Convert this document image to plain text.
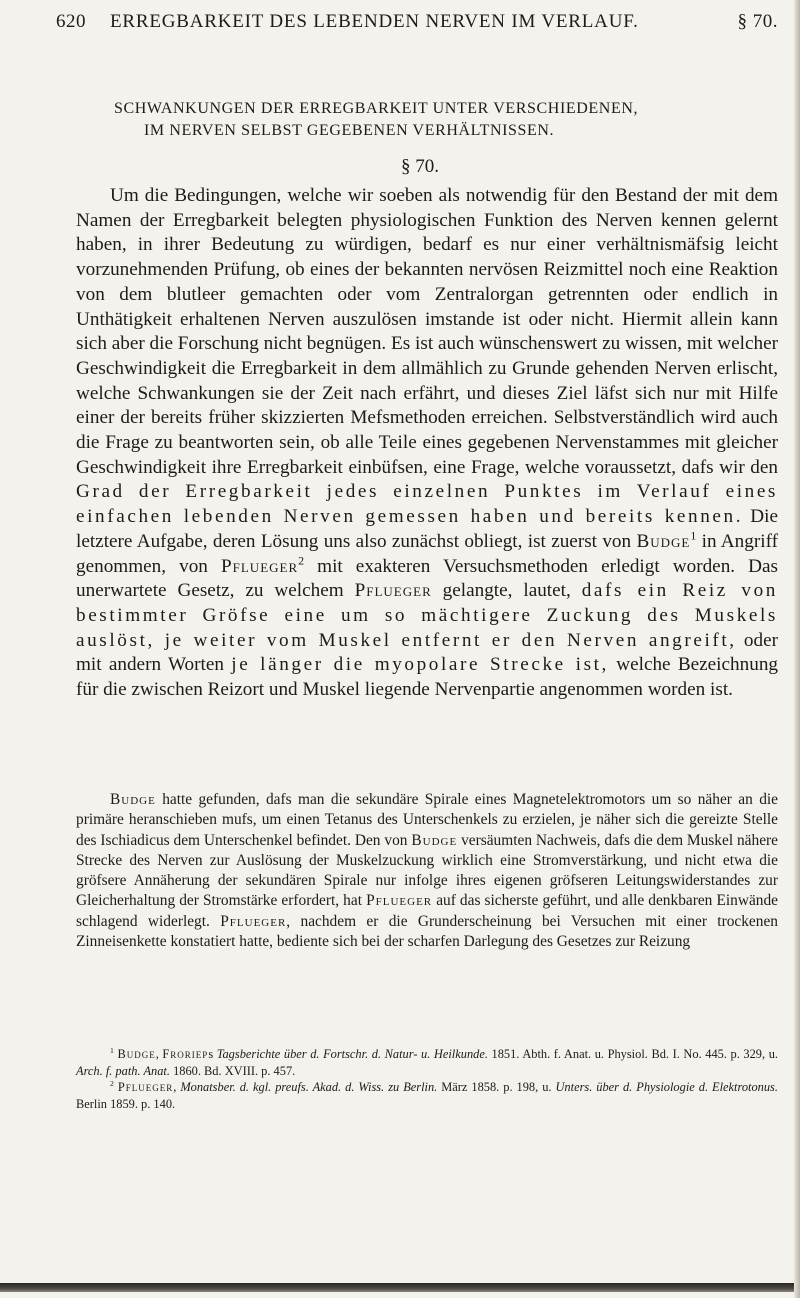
620	ERREGBARKEIT DES LEBENDEN NERVEN IM VERLAUF.	§ 70.
SCHWANKUNGEN DER ERREGBARKEIT UNTER VERSCHIEDENEN,
IM NERVEN SELBST GEGEBENEN VERHÄLTNISSEN.
§ 70.

Um die Bedingungen, welche wir soeben als notwendig für den Bestand der mit dem Namen der Erregbarkeit belegten physiologischen Funktion des Nerven kennen gelernt haben, in ihrer Bedeutung zu würdigen, bedarf es nur einer verhältnismäfsig leicht vorzunehmenden Prüfung, ob eines der bekannten nervösen Reizmittel noch eine Reaktion von dem blutleer gemachten oder vom Zentralorgan getrennten oder endlich in Unthätigkeit erhaltenen Nerven auszulösen imstande ist oder nicht. Hiermit allein kann sich aber die Forschung nicht begnügen. Es ist auch wünschenswert zu wissen, mit welcher Geschwindigkeit die Erregbarkeit in dem allmählich zu Grunde gehenden Nerven erlischt, welche Schwankungen sie der Zeit nach erfährt, und dieses Ziel läfst sich nur mit Hilfe einer der bereits früher skizzierten Mefsmethoden erreichen. Selbstverständlich wird auch die Frage zu beantworten sein, ob alle Teile eines gegebenen Nervenstammes mit gleicher Geschwindigkeit ihre Erregbarkeit einbüfsen, eine Frage, welche voraussetzt, dafs wir den Grad der Erregbarkeit jedes einzelnen Punktes im Verlauf eines einfachen lebenden Nerven gemessen haben und bereits kennen. Die letztere Aufgabe, deren Lösung uns also zunächst obliegt, ist zuerst von Budge$^1$ in Angriff genommen, von Pflueger$^2$ mit exakteren Versuchsmethoden erledigt worden. Das unerwartete Gesetz, zu welchem Pflueger gelangte, lautet, dafs ein Reiz von bestimmter Gröfse eine um so mächtigere Zuckung des Muskels auslöst, je weiter vom Muskel entfernt er den Nerven angreift, oder mit andern Worten je länger die myopolare Strecke ist, welche Bezeichnung für die zwischen Reizort und Muskel liegende Nervenpartie angenommen worden ist.

Budge hatte gefunden, dafs man die sekundäre Spirale eines Magnetelektromotors um so näher an die primäre heranschieben mufs, um einen Tetanus des Unterschenkels zu erzielen, je näher sich die gereizte Stelle des Ischiadicus dem Unterschenkel befindet. Den von Budge versäumten Nachweis, dafs die dem Muskel nähere Strecke des Nerven zur Auslösung der Muskelzuckung wirklich eine Stromverstärkung, und nicht etwa die gröfsere Annäherung der sekundären Spirale nur infolge ihres eigenen gröfseren Leitungswiderstandes zur Gleicherhaltung der Stromstärke erfordert, hat Pflueger auf das sicherste geführt, und alle denkbaren Einwände schlagend widerlegt. Pflueger, nachdem er die Grunderscheinung bei Versuchen mit einer trockenen Zinneisenkette konstatiert hatte, bediente sich bei der scharfen Darlegung des Gesetzes zur Reizung

$^1$ Budge, Frorieps Tagsberichte über d. Fortschr. d. Natur- u. Heilkunde. 1851. Abth. f. Anat. u. Physiol. Bd. I. No. 445. p. 329, u. Arch. f. path. Anat. 1860. Bd. XVIII. p. 457.

$^2$ Pflueger, Monatsber. d. kgl. preufs. Akad. d. Wiss. zu Berlin. März 1858. p. 198, u. Unters. über d. Physiologie d. Elektrotonus. Berlin 1859. p. 140.
